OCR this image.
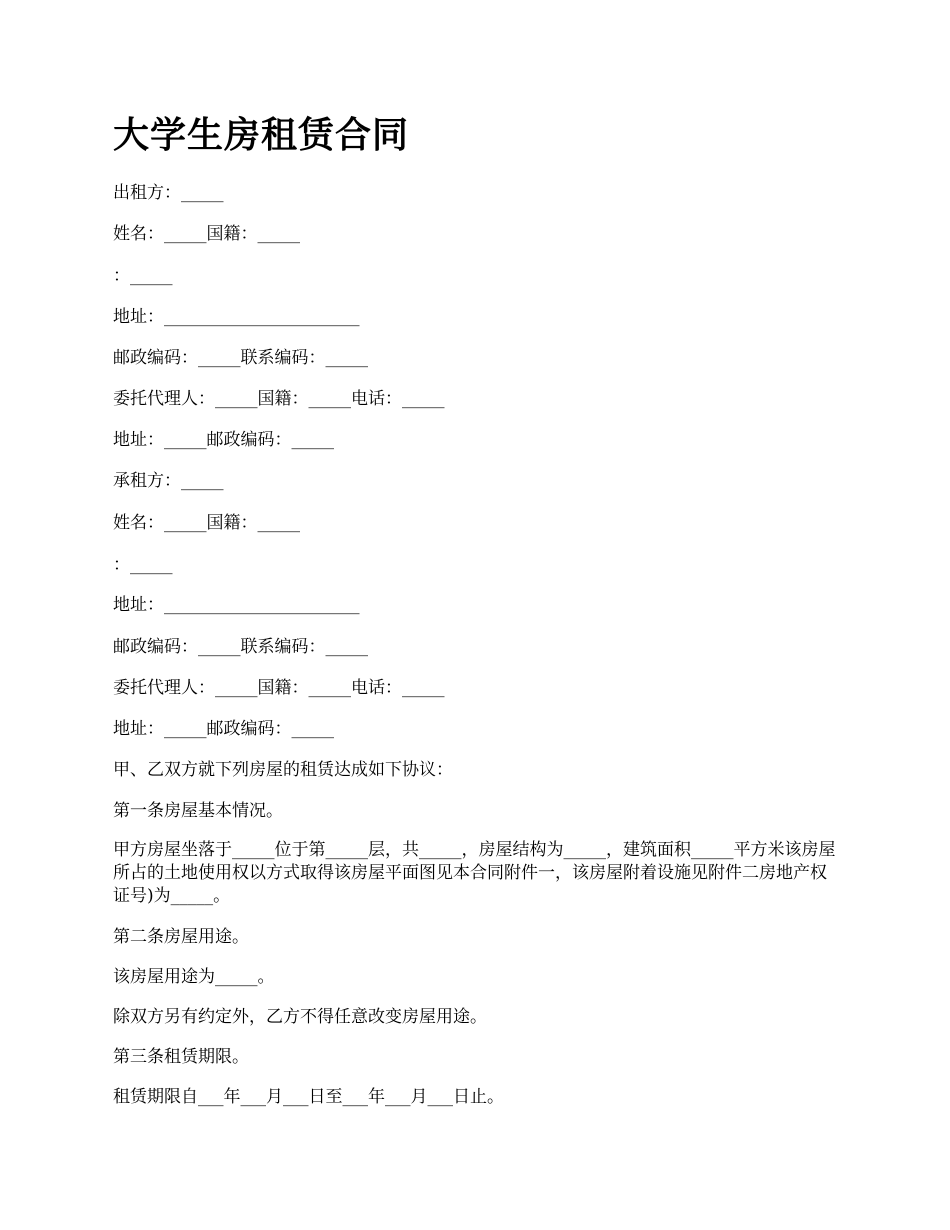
大学生房租赁合同

出租方：_____

姓名：_____国籍：_____

：_____

地址：_______________________

邮政编码：_____联系编码：_____

委托代理人：_____国籍：_____电话：_____

地址：_____邮政编码：_____

承租方：_____

姓名：_____国籍：_____

：_____

地址：_______________________

邮政编码：_____联系编码：_____

委托代理人：_____国籍：_____电话：_____

地址：_____邮政编码：_____

甲、乙双方就下列房屋的租赁达成如下协议：

第一条房屋基本情况。

甲方房屋坐落于_____位于第_____层，共_____，房屋结构为_____，建筑面积_____平方米该房屋所占的土地使用权以方式取得该房屋平面图见本合同附件一，该房屋附着设施见附件二房地产权证号)为_____。

第二条房屋用途。

该房屋用途为_____。

除双方另有约定外，乙方不得任意改变房屋用途。

第三条租赁期限。

租赁期限自___年___月___日至___年___月___日止。
